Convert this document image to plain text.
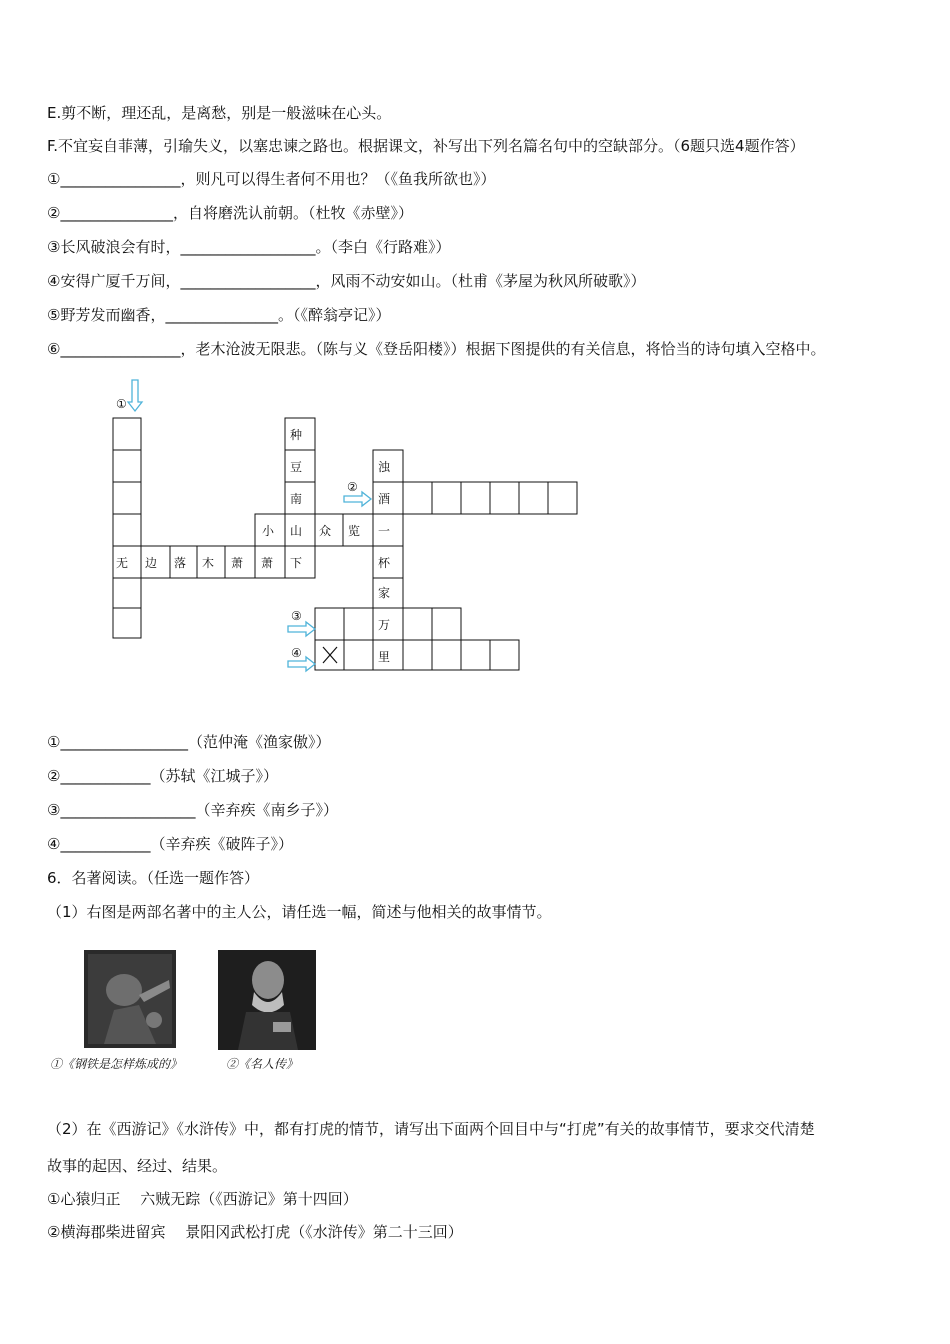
E.剪不断，理还乱，是离愁，别是一般滋味在心头。
F.不宜妄自菲薄，引瑜失义，以塞忠谏之路也。根据课文，补写出下列名篇名句中的空缺部分。（6题只选4题作答）
①________________，则凡可以得生者何不用也？（《鱼我所欲也》）
②_______________，自将磨洗认前朝。（杜牧《赤壁》）
③长风破浪会有时，__________________。（李白《行路难》）
④安得广厦千万间，__________________，风雨不动安如山。（杜甫《茅屋为秋风所破歌》）
⑤野芳发而幽香，_______________。（《醉翁亭记》）
⑥________________，老木沧波无限悲。（陈与义《登岳阳楼》）根据下图提供的有关信息，将恰当的诗句填入空格中。
①
②
③
④
种
豆
南
小 山 众 览 一
无 边 落 木 萧 萧 下
浊
酒
杯
家
万
里
①_________________（范仲淹《渔家傲》）
②____________（苏轼《江城子》）
③__________________（辛弃疾《南乡子》）
④____________（辛弃疾《破阵子》）
6．名著阅读。（任选一题作答）
（1）右图是两部名著中的主人公，请任选一幅，简述与他相关的故事情节。
①《钢铁是怎样炼成的》	②《名人传》
（2）在《西游记》《水浒传》中，都有打虎的情节，请写出下面两个回目中与“打虎”有关的故事情节，要求交代清楚
故事的起因、经过、结果。
①心猿归正　 六贼无踪（《西游记》第十四回）
②横海郡柴进留宾　 景阳冈武松打虎（《水浒传》第二十三回）
